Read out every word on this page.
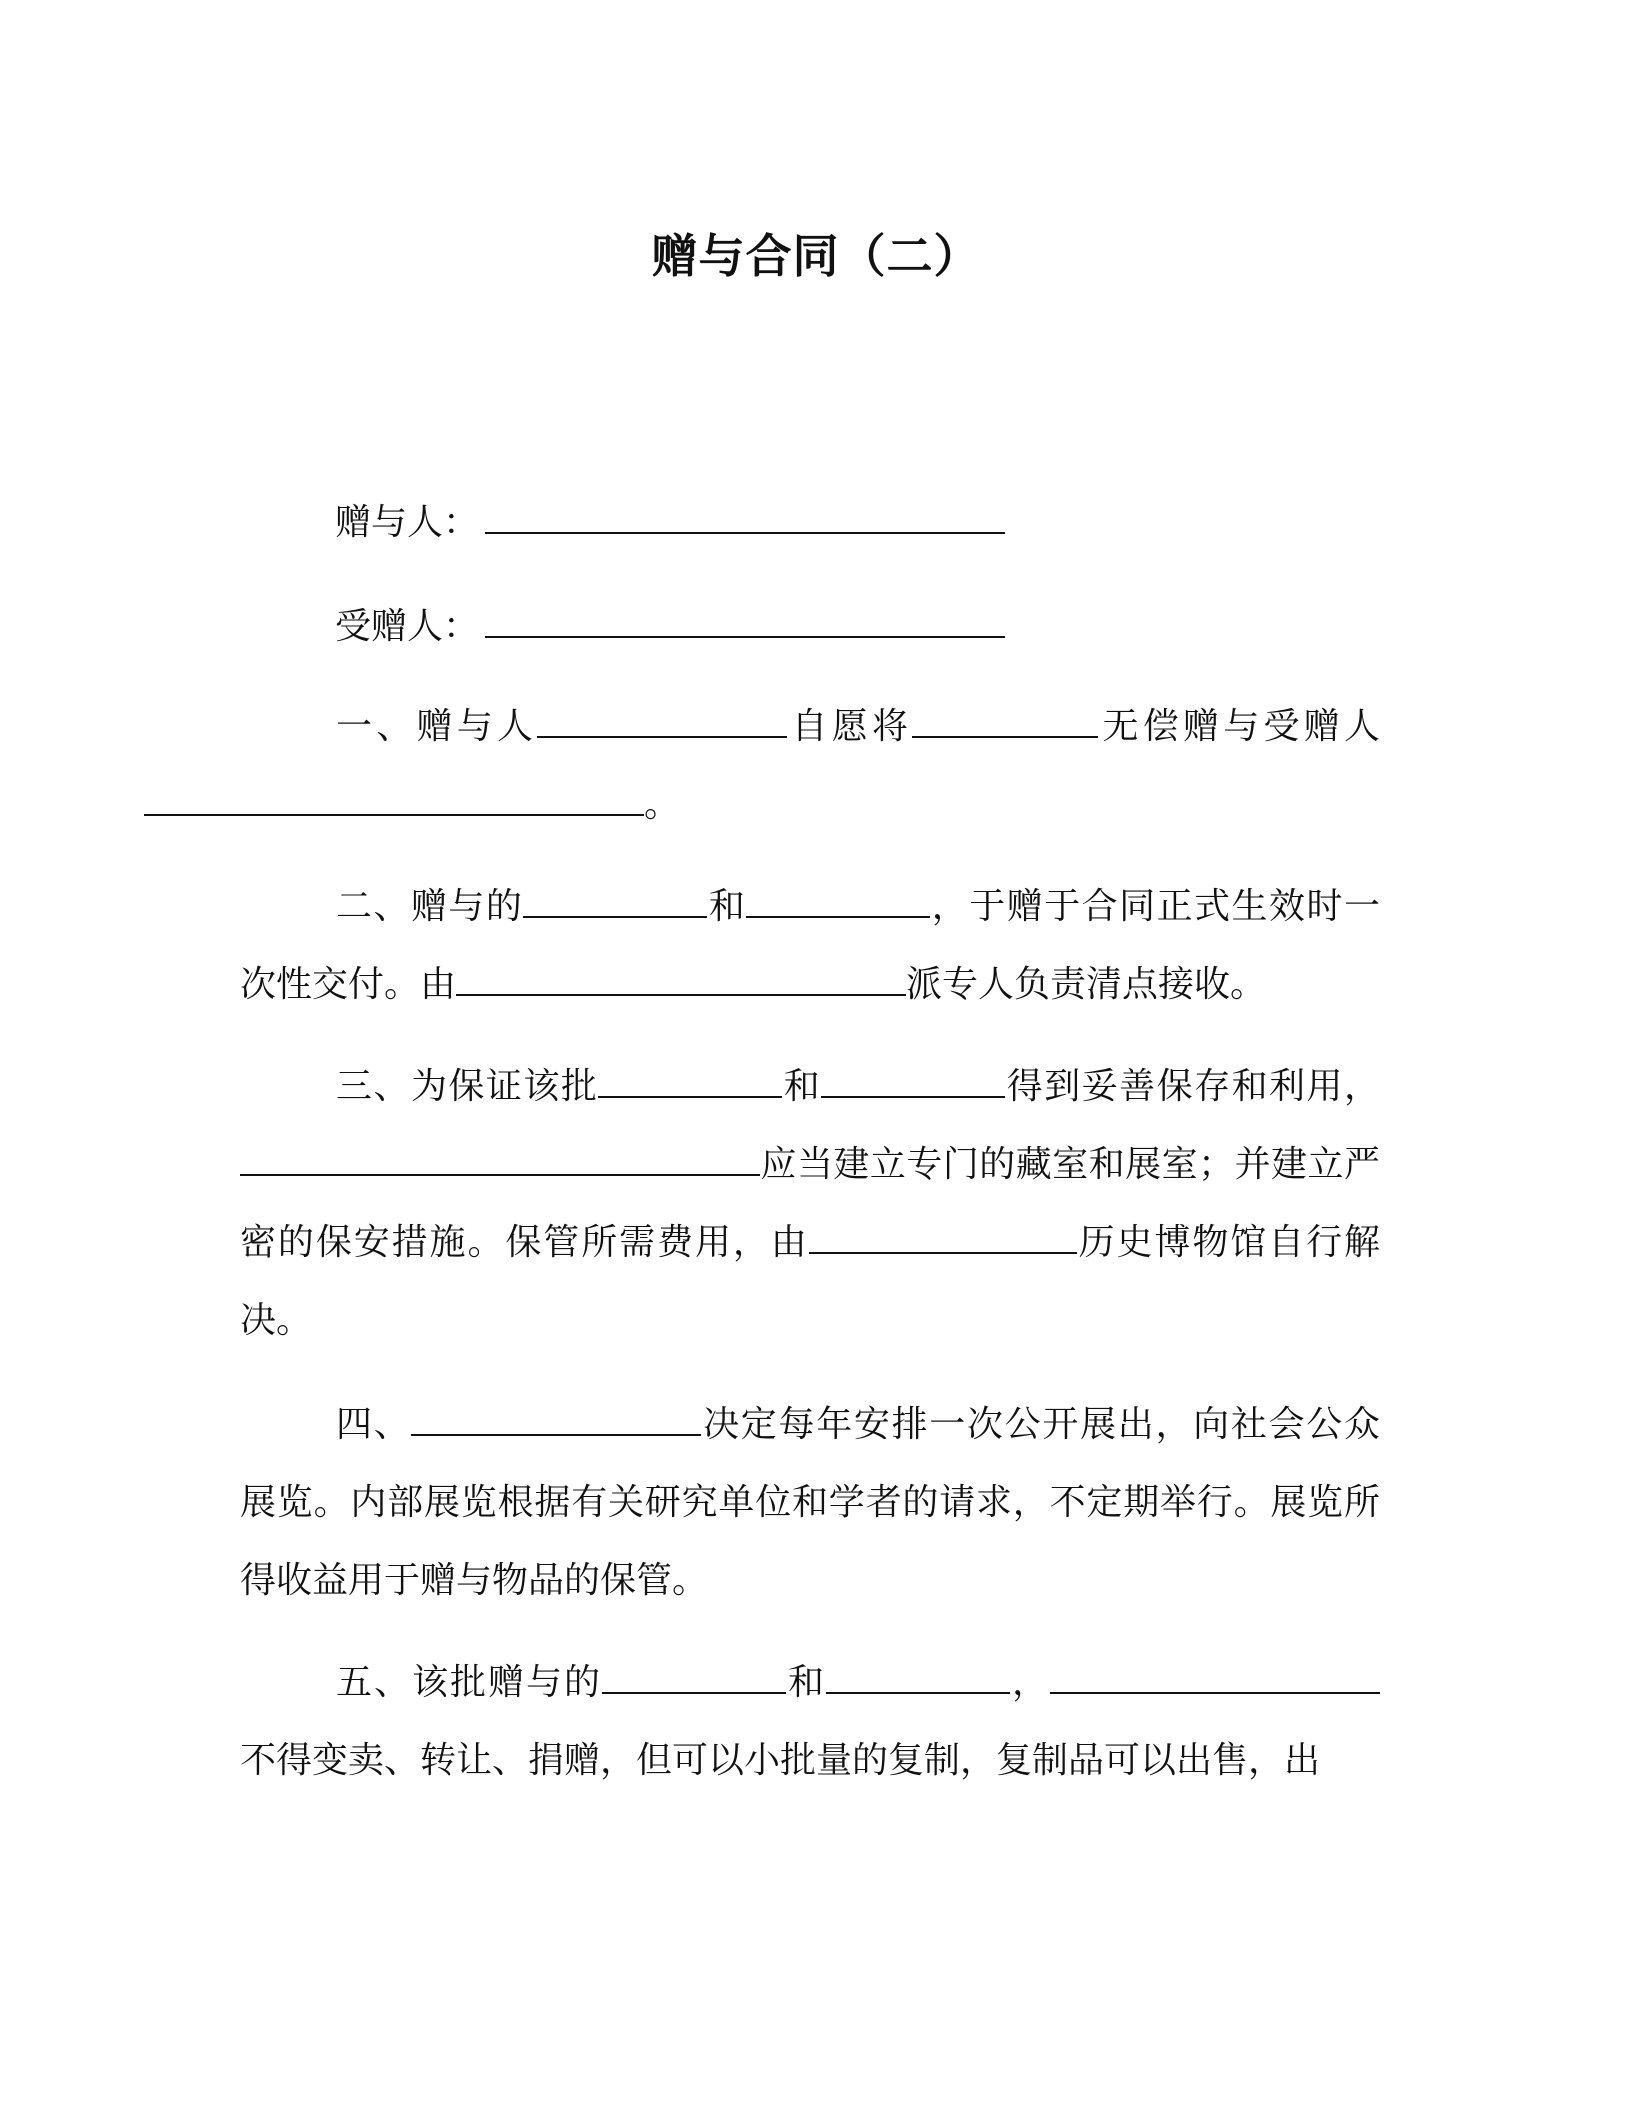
赠与合同（二）
赠与人：
受赠人：
一、赠与人	自愿将	无偿赠与受赠人。
二、赠与的	和	，于赠于合同正式生效时一次性交付。由	派专人负责清点接收。
三、为保证该批	和	得到妥善保存和利用，应当建立专门的藏室和展室；并建立严密的保安措施。保管所需费用，由	历史博物馆自行解决。
四、	决定每年安排一次公开展出，向社会公众展览。内部展览根据有关研究单位和学者的请求，不定期举行。展览所得收益用于赠与物品的保管。
五、该批赠与的	和	，不得变卖、转让、捐赠，但可以小批量的复制，复制品可以出售，出
